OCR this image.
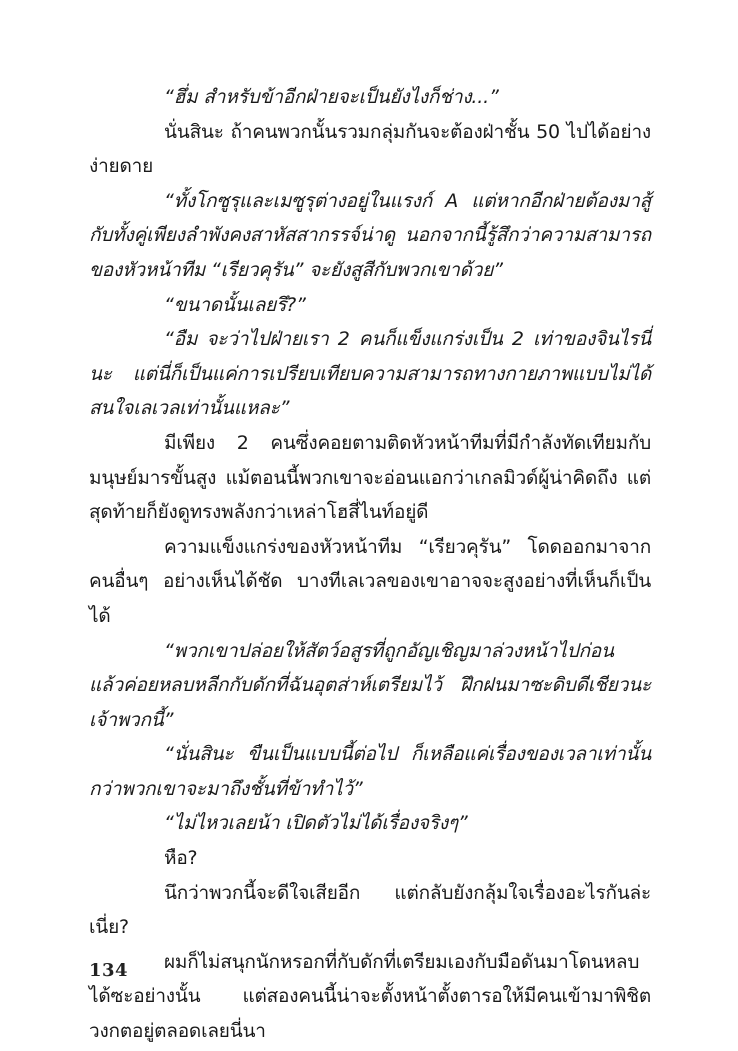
“ฮึ่ม สำหรับข้าอีกฝ่ายจะเป็นยังไงก็ช่าง...”

นั่นสินะ ถ้าคนพวกนั้นรวมกลุ่มกันจะต้องฝ่าชั้น 50 ไปได้อย่างง่ายดาย

“ทั้งโกซูรุและเมซูรุต่างอยู่ในแรงก์ A แต่หากอีกฝ่ายต้องมาสู้กับทั้งคู่เพียงลำพังคงสาหัสสากรรจ์น่าดู นอกจากนี้รู้สึกว่าความสามารถของหัวหน้าทีม “เรียวคุรัน” จะยังสูสีกับพวกเขาด้วย”

“ขนาดนั้นเลยรึ?”

“อืม จะว่าไปฝ่ายเรา 2 คนก็แข็งแกร่งเป็น 2 เท่าของจินไรนี่นะ แต่นี่ก็เป็นแค่การเปรียบเทียบความสามารถทางกายภาพแบบไม่ได้สนใจเลเวลเท่านั้นแหละ”

มีเพียง 2 คนซึ่งคอยตามติดหัวหน้าทีมที่มีกำลังทัดเทียมกับมนุษย์มารขั้นสูง แม้ตอนนี้พวกเขาจะอ่อนแอกว่าเกลมิวด์ผู้น่าคิดถึง แต่สุดท้ายก็ยังดูทรงพลังกว่าเหล่าโฮสี่ไนท์อยู่ดี

ความแข็งแกร่งของหัวหน้าทีม “เรียวคุรัน” โดดออกมาจากคนอื่นๆ อย่างเห็นได้ชัด บางทีเลเวลของเขาอาจจะสูงอย่างที่เห็นก็เป็นได้

“พวกเขาปล่อยให้สัตว์อสูรที่ถูกอัญเชิญมาล่วงหน้าไปก่อน แล้วค่อยหลบหลีกกับดักที่ฉันอุตส่าห์เตรียมไว้ ฝึกฝนมาซะดิบดีเชียวนะเจ้าพวกนี้”

“นั่นสินะ ขืนเป็นแบบนี้ต่อไป ก็เหลือแค่เรื่องของเวลาเท่านั้นกว่าพวกเขาจะมาถึงชั้นที่ข้าทำไว้”

“ไม่ไหวเลยน้า เปิดตัวไม่ได้เรื่องจริงๆ”

หือ?

นึกว่าพวกนี้จะดีใจเสียอีก แต่กลับยังกลุ้มใจเรื่องอะไรกันล่ะเนี่ย?

ผมก็ไม่สนุกนักหรอกที่กับดักที่เตรียมเองกับมือดันมาโดนหลบได้ซะอย่างนั้น แต่สองคนนี้น่าจะตั้งหน้าตั้งตารอให้มีคนเข้ามาพิชิตวงกตอยู่ตลอดเลยนี่นา

134
